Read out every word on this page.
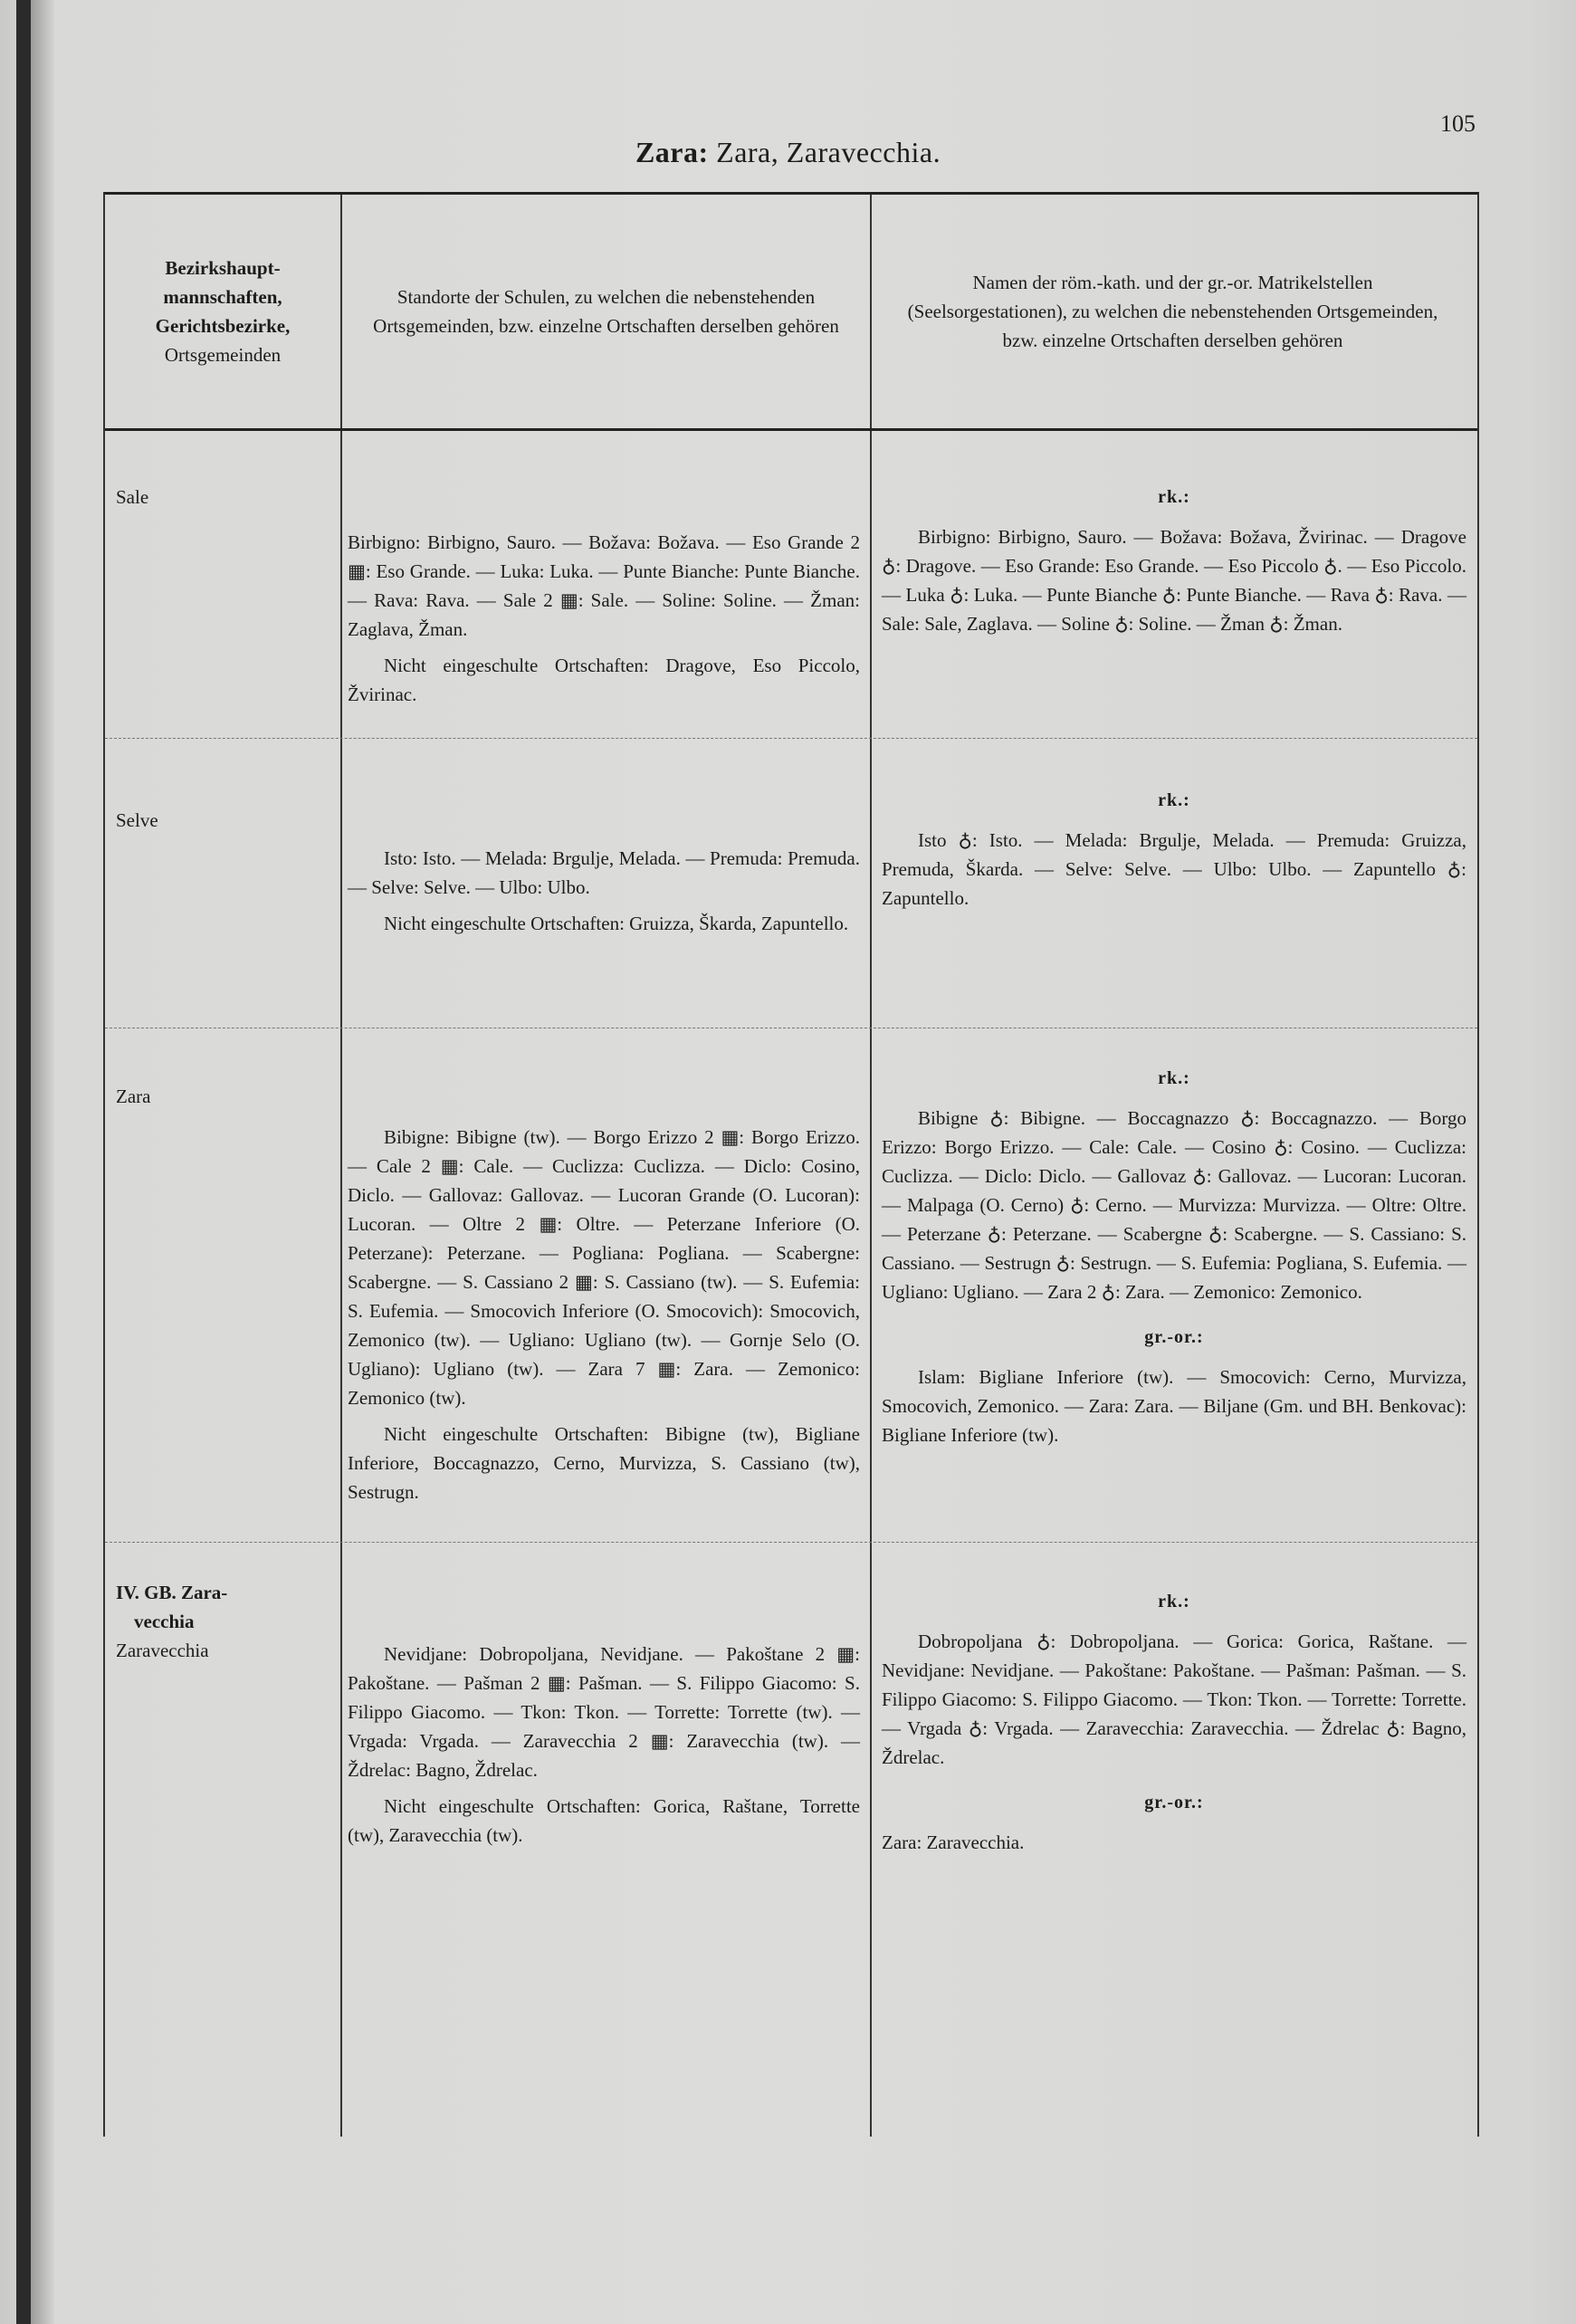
105
Zara: Zara, Zaravecchia.
Bezirkshaupt-
mannschaften,
Gerichtsbezirke,
Ortsgemeinden
Standorte der Schulen, zu welchen die nebenstehenden Ortsgemeinden, bzw. einzelne Ortschaften derselben gehören
Namen der röm.-kath. und der gr.-or. Matrikelstellen (Seelsorgestationen), zu welchen die nebenstehenden Ortsgemeinden, bzw. einzelne Ortschaften derselben gehören
Sale

Birbigno: Birbigno, Sauro. — Božava: Božava. — Eso Grande 2 ▦: Eso Grande. — Luka: Luka. — Punte Bianche: Punte Bianche. — Rava: Rava. — Sale 2 ▦: Sale. — Soline: Soline. — Žman: Zaglava, Žman.

Nicht eingeschulte Ortschaften: Dragove, Eso Piccolo, Žvirinac.

rk.:

Birbigno: Birbigno, Sauro. — Božava: Božava, Žvirinac. — Dragove ♁: Dragove. — Eso Grande: Eso Grande. — Eso Piccolo ♁. — Eso Piccolo. — Luka ♁: Luka. — Punte Bianche ♁: Punte Bianche. — Rava ♁: Rava. — Sale: Sale, Zaglava. — Soline ♁: Soline. — Žman ♁: Žman.

Selve

Isto: Isto. — Melada: Brgulje, Melada. — Premuda: Premuda. — Selve: Selve. — Ulbo: Ulbo.

Nicht eingeschulte Ortschaften: Gruizza, Škarda, Zapuntello.

rk.:

Isto ♁: Isto. — Melada: Brgulje, Melada. — Premuda: Gruizza, Premuda, Škarda. — Selve: Selve. — Ulbo: Ulbo. — Zapuntello ♁: Zapuntello.

Zara

Bibigne: Bibigne (tw). — Borgo Erizzo 2 ▦: Borgo Erizzo. — Cale 2 ▦: Cale. — Cuclizza: Cuclizza. — Diclo: Cosino, Diclo. — Gallovaz: Gallovaz. — Lucoran Grande (O. Lucoran): Lucoran. — Oltre 2 ▦: Oltre. — Peterzane Inferiore (O. Peterzane): Peterzane. — Pogliana: Pogliana. — Scabergne: Scabergne. — S. Cassiano 2 ▦: S. Cassiano (tw). — S. Eufemia: S. Eufemia. — Smocovich Inferiore (O. Smocovich): Smocovich, Zemonico (tw). — Ugliano: Ugliano (tw). — Gornje Selo (O. Ugliano): Ugliano (tw). — Zara 7 ▦: Zara. — Zemonico: Zemonico (tw).

Nicht eingeschulte Ortschaften: Bibigne (tw), Bigliane Inferiore, Boccagnazzo, Cerno, Murvizza, S. Cassiano (tw), Sestrugn.

rk.:

Bibigne ♁: Bibigne. — Boccagnazzo ♁: Boccagnazzo. — Borgo Erizzo: Borgo Erizzo. — Cale: Cale. — Cosino ♁: Cosino. — Cuclizza: Cuclizza. — Diclo: Diclo. — Gallovaz ♁: Gallovaz. — Lucoran: Lucoran. — Malpaga (O. Cerno) ♁: Cerno. — Murvizza: Murvizza. — Oltre: Oltre. — Peterzane ♁: Peterzane. — Scabergne ♁: Scabergne. — S. Cassiano: S. Cassiano. — Sestrugn ♁: Sestrugn. — S. Eufemia: Pogliana, S. Eufemia. — Ugliano: Ugliano. — Zara 2 ♁: Zara. — Zemonico: Zemonico.

gr.-or.:

Islam: Bigliane Inferiore (tw). — Smocovich: Cerno, Murvizza, Smocovich, Zemonico. — Zara: Zara. — Biljane (Gm. und BH. Benkovac): Bigliane Inferiore (tw).

IV. GB. Zara-
vecchia
Zaravecchia	Nevidjane: Dobropoljana, Nevidjane. — Pakoštane 2 ▦: Pakoštane. — Pašman 2 ▦: Pašman. — S. Filippo Giacomo: S. Filippo Giacomo. — Tkon: Tkon. — Torrette: Torrette (tw). — Vrgada: Vrgada. — Zaravecchia 2 ▦: Zaravecchia (tw). — Ždrelac: Bagno, Ždrelac.

Nicht eingeschulte Ortschaften: Gorica, Raštane, Torrette (tw), Zaravecchia (tw).

rk.:

Dobropoljana ♁: Dobropoljana. — Gorica: Gorica, Raštane. — Nevidjane: Nevidjane. — Pakoštane: Pakoštane. — Pašman: Pašman. — S. Filippo Giacomo: S. Filippo Giacomo. — Tkon: Tkon. — Torrette: Torrette. — Vrgada ♁: Vrgada. — Zaravecchia: Zaravecchia. — Ždrelac ♁: Bagno, Ždrelac.

gr.-or.:

Zara: Zaravecchia.
